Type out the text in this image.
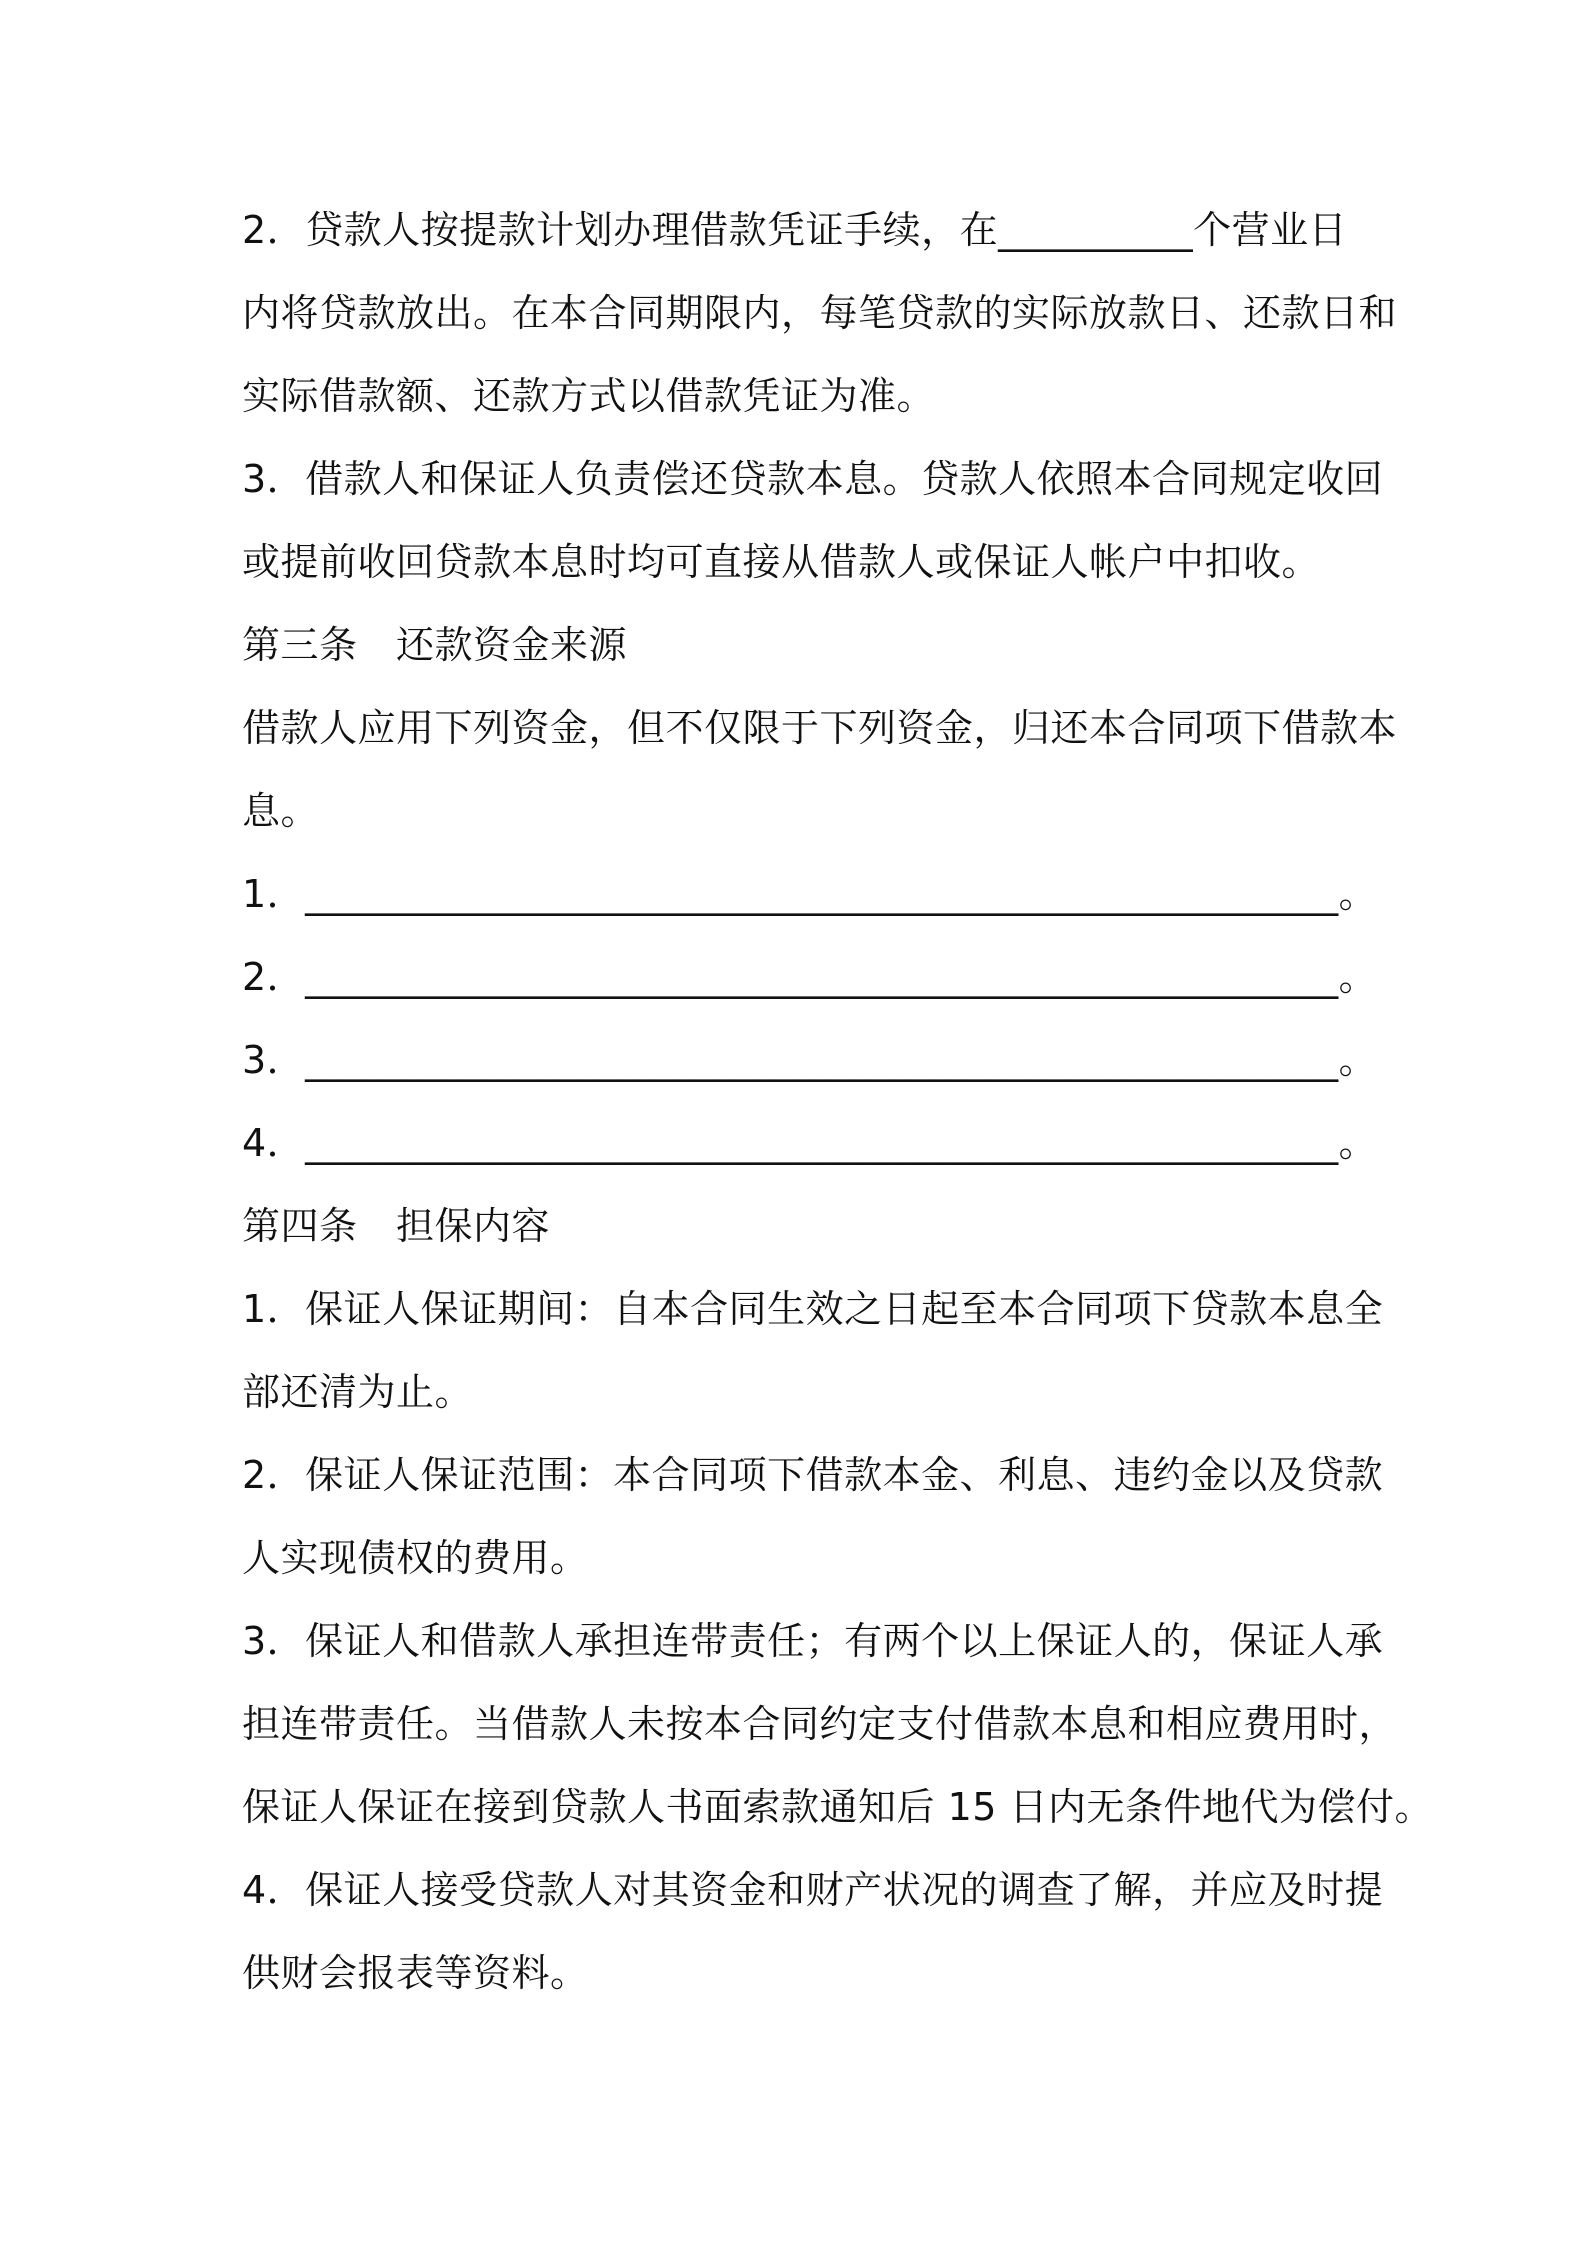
2．贷款人按提款计划办理借款凭证手续，在__________个营业日
内将贷款放出。在本合同期限内，每笔贷款的实际放款日、还款日和
实际借款额、还款方式以借款凭证为准。
3．借款人和保证人负责偿还贷款本息。贷款人依照本合同规定收回
或提前收回贷款本息时均可直接从借款人或保证人帐户中扣收。
第三条　还款资金来源
借款人应用下列资金，但不仅限于下列资金，归还本合同项下借款本
息。
1．_____________________________________________________。
2．_____________________________________________________。
3．_____________________________________________________。
4．_____________________________________________________。
第四条　担保内容
1．保证人保证期间：自本合同生效之日起至本合同项下贷款本息全
部还清为止。
2．保证人保证范围：本合同项下借款本金、利息、违约金以及贷款
人实现债权的费用。
3．保证人和借款人承担连带责任；有两个以上保证人的，保证人承
担连带责任。当借款人未按本合同约定支付借款本息和相应费用时，
保证人保证在接到贷款人书面索款通知后 15 日内无条件地代为偿付。
4．保证人接受贷款人对其资金和财产状况的调查了解，并应及时提
供财会报表等资料。
